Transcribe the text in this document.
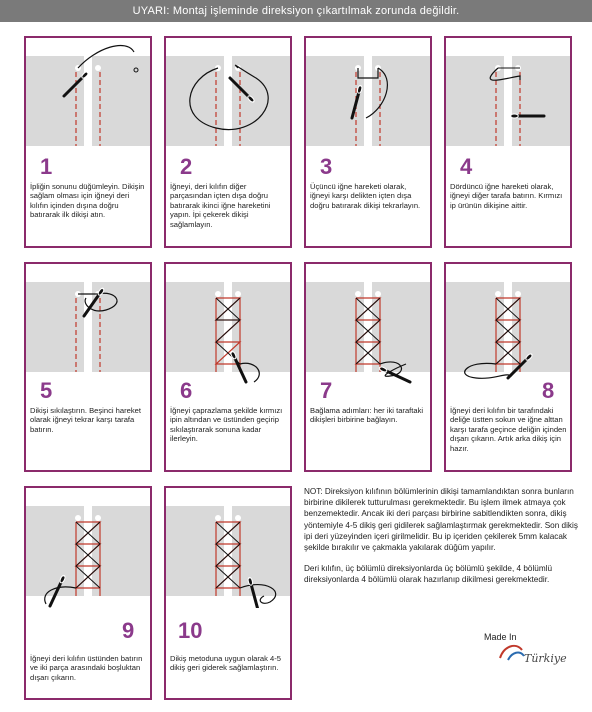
UYARI: Montaj işleminde direksiyon çıkartılmak zorunda değildir.
1
İpliğin sonunu düğümleyin. Dikişin sağlam olması için iğneyi deri kılıfın içinden dışına doğru batırarak ilk dikişi atın.
2
İğneyi, deri kılıfın diğer parçasından içten dışa doğru batırarak ikinci iğne hareketini yapın. İpi çekerek dikişi sağlamlayın.
3
Üçüncü iğne hareketi olarak, iğneyi karşı delikten içten dışa doğru batırarak dikişi tekrarlayın.
4
Dördüncü iğne hareketi olarak, iğneyi diğer tarafa batırın. Kırmızı ip ürünün dikişine aittir.
5
Dikişi sıkılaştırın. Beşinci hareket olarak iğneyi tekrar karşı tarafa batırın.
6
İğneyi çaprazlama şekilde kırmızı ipin altından ve üstünden geçirip sıkılaştırarak sonuna kadar ilerleyin.
7
Bağlama adımları: her iki taraftaki dikişleri birbirine bağlayın.
8
İğneyi deri kılıfın bir tarafındaki deliğe üstten sokun ve iğne alttan karşı tarafa geçince deliğin içinden dışarı çıkarın. Artık arka dikiş için hazır.
9
İğneyi deri kılıfın üstünden batırın ve iki parça arasındaki boşluktan dışarı çıkarın.
10
Dikiş metoduna uygun olarak 4-5 dikiş geri giderek sağlamlaştırın.

NOT: Direksiyon kılıfının bölümlerinin dikişi tamamlandıktan sonra bunların birbirine dikilerek tutturulması gerekmektedir. Bu işlem ilmek atmaya çok benzemektedir. Ancak iki deri parçası birbirine sabitlendikten sonra, dikiş yöntemiyle 4-5 dikiş geri gidilerek sağlamlaştırmak gerekmektedir. Son dikiş ipi deri yüzeyinden içeri girilmelidir. Bu ip içeriden çekilerek 5mm kalacak şekilde bırakılır ve çakmakla yakılarak düğüm yapılır.

Deri kılıfın, üç bölümlü direksiyonlarda üç bölümlü şekilde, 4 bölümlü direksiyonlarda 4 bölümlü olarak hazırlanıp dikilmesi gerekmektedir.

Made In
Türkiye
